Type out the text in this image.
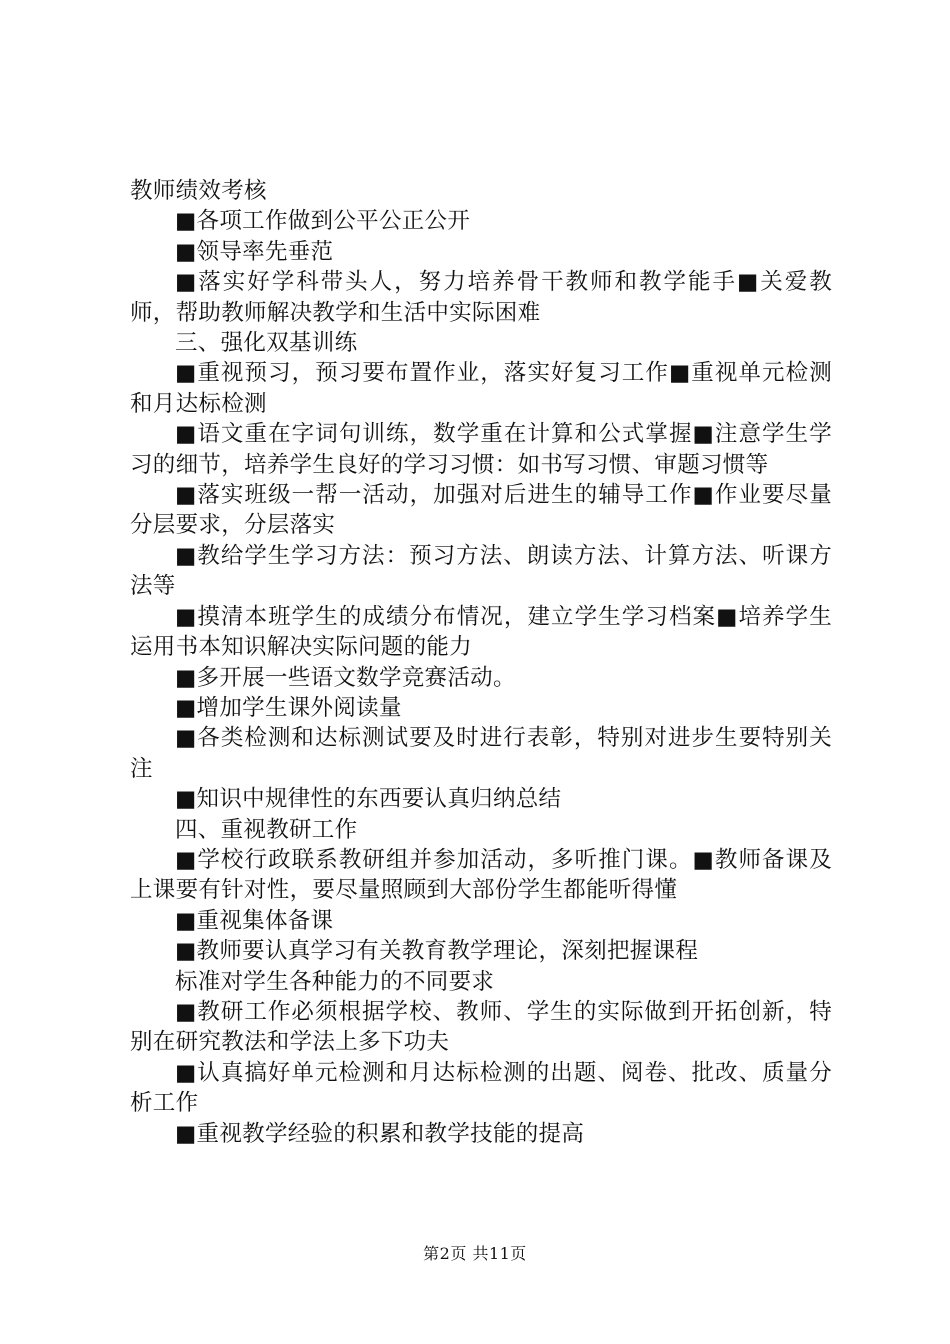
教师绩效考核

■各项工作做到公平公正公开

■领导率先垂范

■落实好学科带头人，努力培养骨干教师和教学能手■关爱教师，帮助教师解决教学和生活中实际困难

三、强化双基训练

■重视预习，预习要布置作业，落实好复习工作■重视单元检测和月达标检测

■语文重在字词句训练，数学重在计算和公式掌握■注意学生学习的细节，培养学生良好的学习习惯：如书写习惯、审题习惯等

■落实班级一帮一活动，加强对后进生的辅导工作■作业要尽量分层要求，分层落实

■教给学生学习方法：预习方法、朗读方法、计算方法、听课方法等

■摸清本班学生的成绩分布情况，建立学生学习档案■培养学生运用书本知识解决实际问题的能力

■多开展一些语文数学竞赛活动。

■增加学生课外阅读量

■各类检测和达标测试要及时进行表彰，特别对进步生要特别关注

■知识中规律性的东西要认真归纳总结

四、重视教研工作

■学校行政联系教研组并参加活动，多听推门课。■教师备课及上课要有针对性，要尽量照顾到大部份学生都能听得懂

■重视集体备课

■教师要认真学习有关教育教学理论，深刻把握课程

标准对学生各种能力的不同要求

■教研工作必须根据学校、教师、学生的实际做到开拓创新，特别在研究教法和学法上多下功夫

■认真搞好单元检测和月达标检测的出题、阅卷、批改、质量分析工作

■重视教学经验的积累和教学技能的提高

第2页 共11页
